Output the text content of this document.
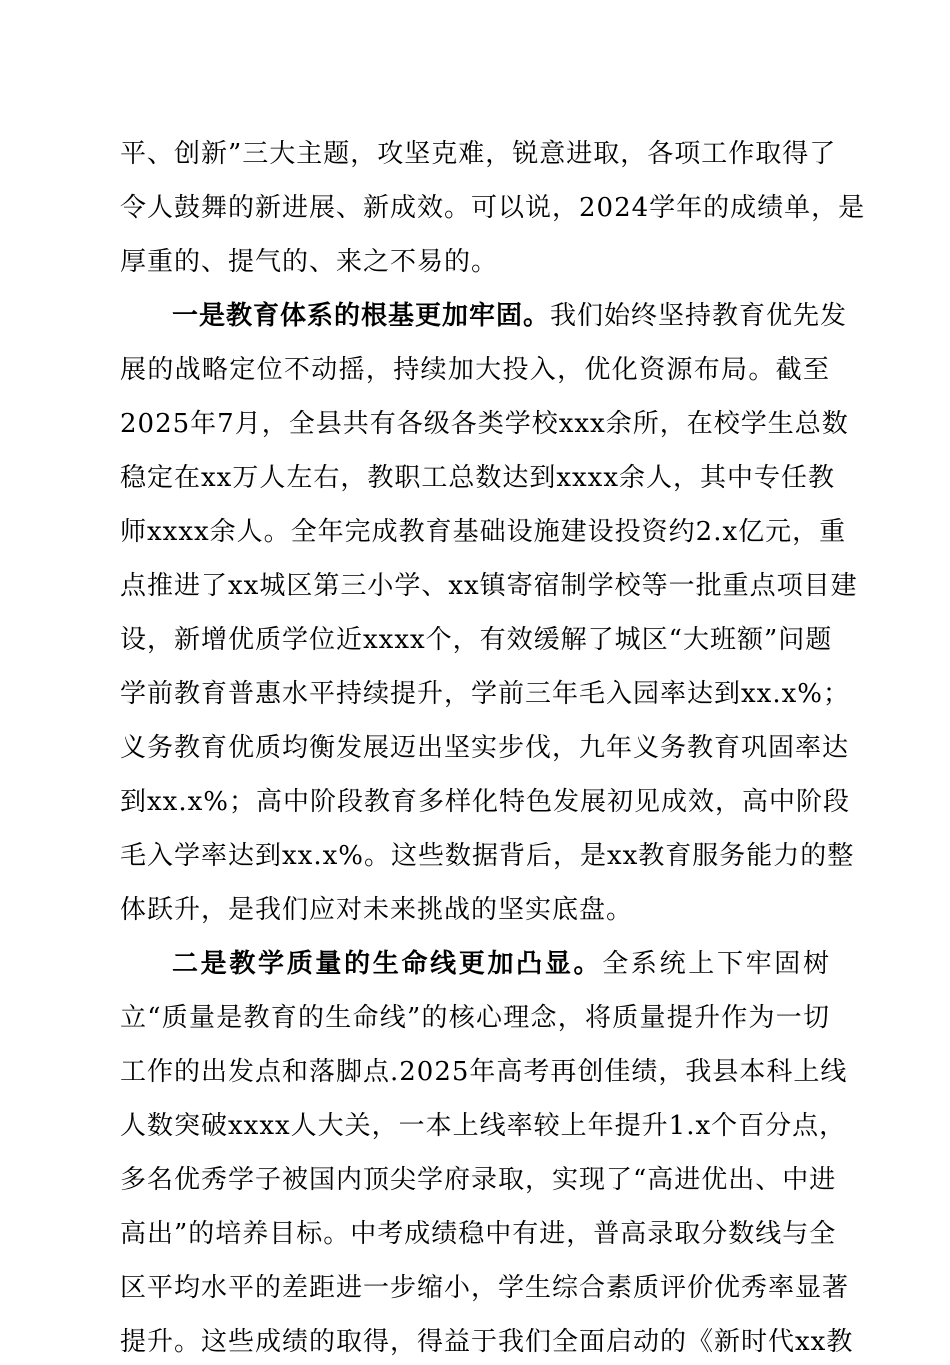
平、创新”三大主题，攻坚克难，锐意进取，各项工作取得了
令人鼓舞的新进展、新成效。可以说，2024学年的成绩单，是
厚重的、提气的、来之不易的。
一是教育体系的根基更加牢固。我们始终坚持教育优先发
展的战略定位不动摇，持续加大投入，优化资源布局。截至
2025年7月，全县共有各级各类学校xxx余所，在校学生总数
稳定在xx万人左右，教职工总数达到xxxx余人，其中专任教
师xxxx余人。全年完成教育基础设施建设投资约2.x亿元，重
点推进了xx城区第三小学、xx镇寄宿制学校等一批重点项目建
设，新增优质学位近xxxx个，有效缓解了城区“大班额”问题
学前教育普惠水平持续提升，学前三年毛入园率达到xx.x%；
义务教育优质均衡发展迈出坚实步伐，九年义务教育巩固率达
到xx.x%；高中阶段教育多样化特色发展初见成效，高中阶段
毛入学率达到xx.x%。这些数据背后，是xx教育服务能力的整
体跃升，是我们应对未来挑战的坚实底盘。
二是教学质量的生命线更加凸显。全系统上下牢固树
立“质量是教育的生命线”的核心理念，将质量提升作为一切
工作的出发点和落脚点.2025年高考再创佳绩，我县本科上线
人数突破xxxx人大关，一本上线率较上年提升1.x个百分点，
多名优秀学子被国内顶尖学府录取，实现了“高进优出、中进
高出”的培养目标。中考成绩稳中有进，普高录取分数线与全
区平均水平的差距进一步缩小，学生综合素质评价优秀率显著
提升。这些成绩的取得，得益于我们全面启动的《新时代xx教
